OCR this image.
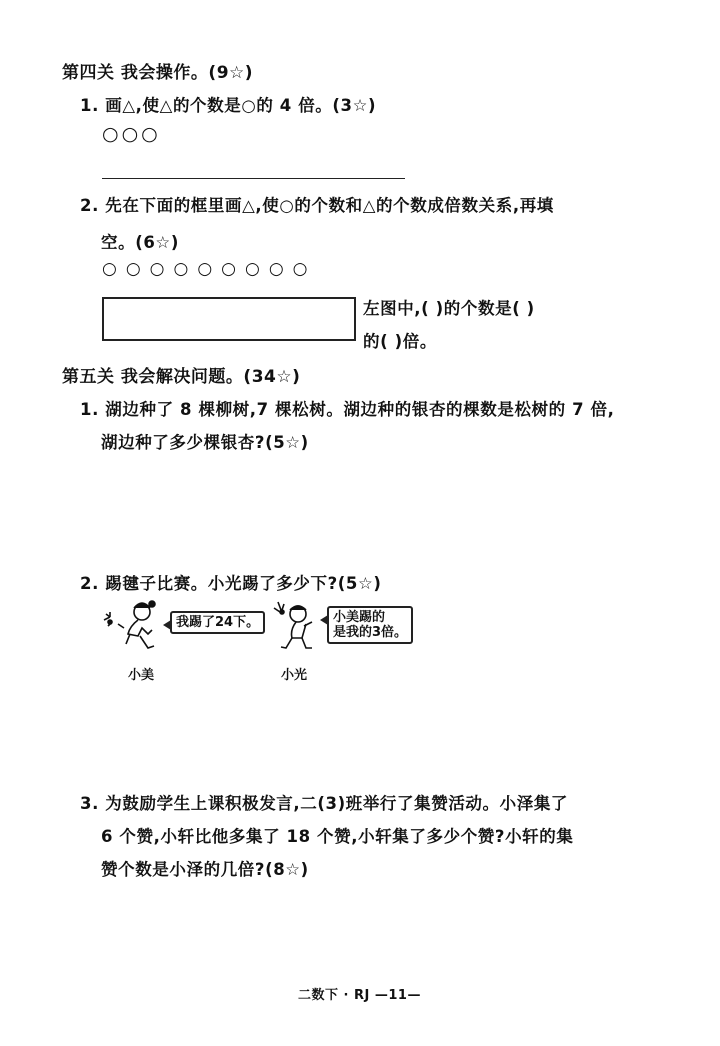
第四关 我会操作。(9☆)
1. 画△,使△的个数是○的 4 倍。(3☆)
○○○
2. 先在下面的框里画△,使○的个数和△的个数成倍数关系,再填
空。(6☆)
○○○○○○○○○
左图中,( )的个数是( )
的( )倍。
第五关 我会解决问题。(34☆)
1. 湖边种了 8 棵柳树,7 棵松树。湖边种的银杏的棵数是松树的 7 倍,
湖边种了多少棵银杏?(5☆)
2. 踢毽子比赛。小光踢了多少下?(5☆)
我踢了24下。
小美
小美踢的
是我的3倍。
小光
3. 为鼓励学生上课积极发言,二(3)班举行了集赞活动。小泽集了
6 个赞,小轩比他多集了 18 个赞,小轩集了多少个赞?小轩的集
赞个数是小泽的几倍?(8☆)
二数下 · RJ —11—
